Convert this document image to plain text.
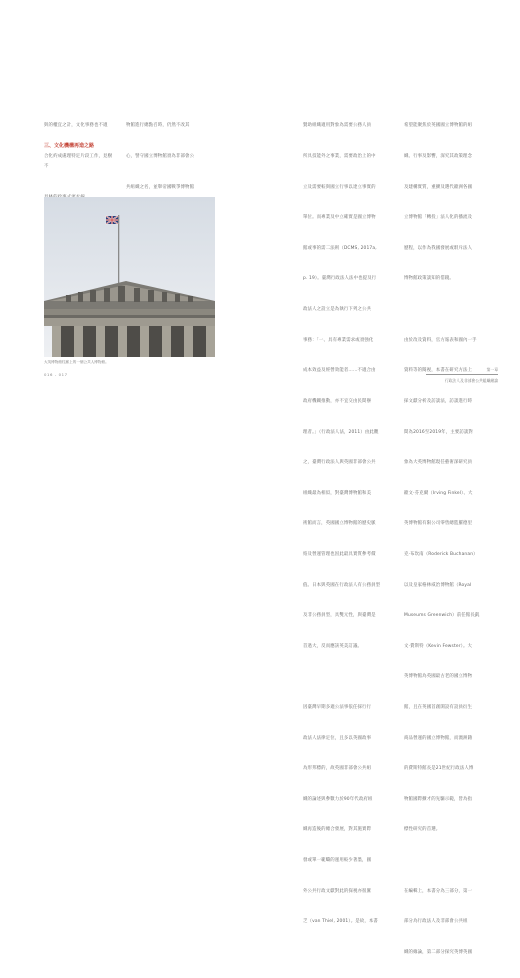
與的權宜之計，文化事務也不適

合化約成處理特定片段工作，見樹不

三、文化機構再造之路

物館進行總點召時，仍然不改其

心，譬守國立博物館須為非部會公

共組織之名，並舉帝國戰爭博物館

大英博物館柱廊上的一個公共人博物館。
016 - 017

贊助組織適用對象為需要公務人員

所具技能外之事業，需要政治上的中

立及需要較與國立行事以達立事實的

單位。而專業及中立確實是國立博物

館或事的需二法則（DCMS, 2017a,

p. 19）。臺灣行政法人法中也提及行

政法人之設立是為執行下列之公共

事務：「一、具有專業需求或須強化

成本效益及經營效能者……不適合由

政府機關推動，亦不宜交由民間辦

理者。」（行政法人法，2011）由此觀

之，臺灣行政法人與英國非部會公共

組織最為相似，對臺灣博物館和美

術館而言，英國國立博物館的歷史脈

絡及營運管理也因此最具實質參考價

值。日本與英國在行政法人有公務員型

及非公務員型，具雙元性，與臺灣是

首過大，反而應該英美訂議。

因臺灣早期多適公法事依任採行行

政法人法律定位，且多以英國政事

為形邦標的，故英國非部會公共組

織的論述與參數力於90年代政府組

織再造後的總合發展，對其施實際

發或單一範疇的運用較少著墨，國

外公共行政文獻對此的探視亦很匱

乏（van Thiel, 2001）。是故，本書

希望能聚焦於英國國立博物館的組

織、行事及影響，深究其政策理念

及建構實質，重擴及選代歐洲各國

立博物館「轉投」法人化的播流及

歷程，以作為我國發展或駁斥法人

博物館政策談知的借鏡。

由於改及資料，官方報表和國內一手

資料等的閱視，本書在研究方法上

採文獻分析及訪談法，訪談進行時

間為2016至2019年，主要訪談對

象為大英博物館現任藝術深研究員

歐文·芬克爾（Irving Finkel）、大

英博物館有限公司零售總監羅德里

克·布坎南（Roderick Buchanan）

以及皇家格林威治博物館（Royal

Museums Greenwich）前任館長凱

文·費斯特（Kevin Fewster）。大

英博物館為英國最古老的國立博物

館，且在英國首創開設有設員衍生

商品營運的國立博物館，而澳洲籍

的費斯特館長是21世紀行政法人博

物館國際擴才的先驅示範，皆為指

標性研究的首選。

在編輯上，本書分為三部分，第一

部分為行政法人及非部會公共組

織的緣論，第二部分探究英博英國

第一章
行政法人及非部會公共組織緒論
